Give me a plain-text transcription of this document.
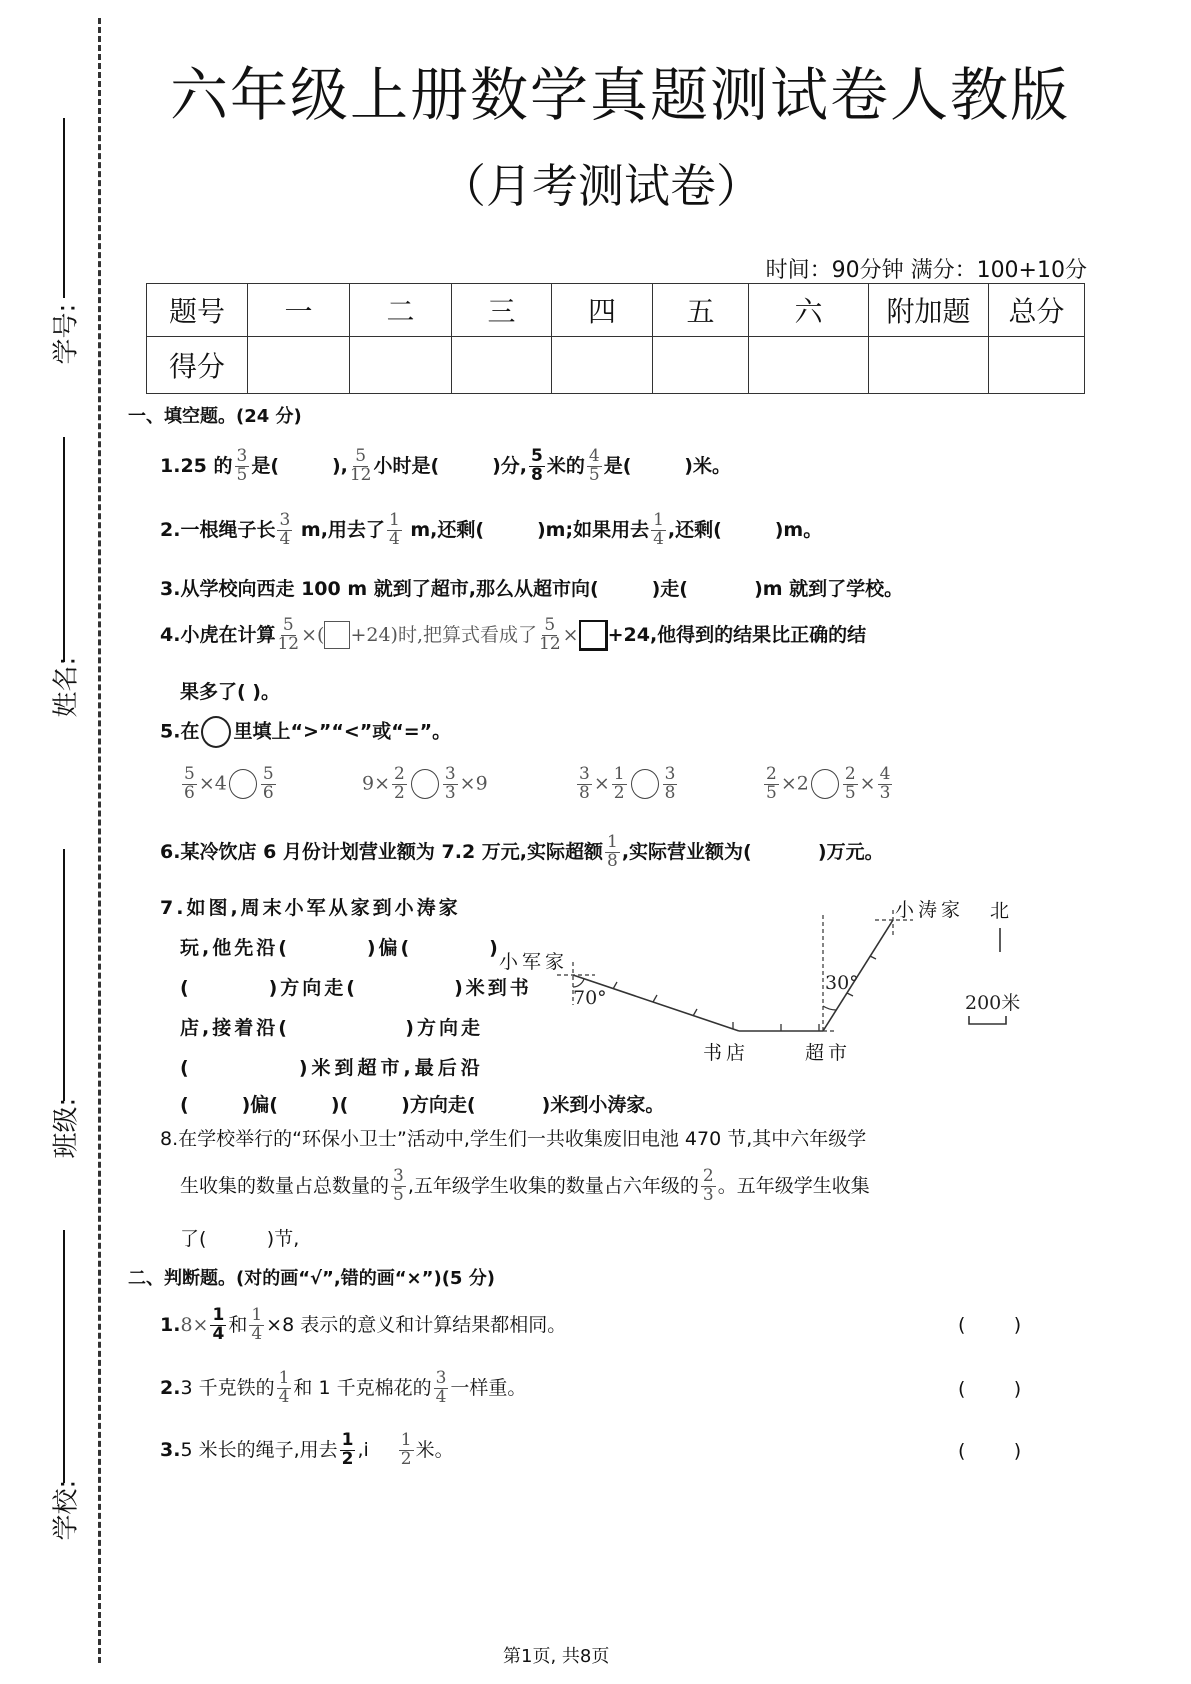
学号:
姓名:
班级:
学校:
六年级上册数学真题测试卷人教版
（月考测试卷）
时间：90分钟 满分：100+10分
题号	一	二	三	四	五	六	附加题	总分
得分								
一、填空题。(24 分)
1.25 的 $\frac{3}{5}$ 是(        ), $\frac{5}{12}$ 小时是(        )分, $\frac{5}{8}$ 米的 $\frac{4}{5}$ 是(        )米。
2.一根绳子长 $\frac{3}{4} m$,用去了 $\frac{1}{4} m$,还剩(        )m;如果用去 $\frac{1}{4}$ ,还剩(        )m。
3.从学校向西走 100 m 就到了超市,那么从超市向(        )走(          )m 就到了学校。
4.小虎在计算 $\frac{5}{12}$ ×( +24)时,把算式看成了 $\frac{5}{12} \times +24$,他得到的结果比正确的结
果多了( )。
5.在 里填上“>”“<”或“=”。
$\frac{5}{6} \times 4 \frac{5}{6}$	$9\times \frac{2}{2} \frac{3}{3} \times 9$	$\frac{3}{8} \times \frac{1}{2} \frac{3}{8}$	$\frac{2}{5} \times 2 \frac{2}{5} \times \frac{4}{3}$
6.某冷饮店 6 月份计划营业额为 7.2 万元,实际超额 $\frac{1}{8}$ ,实际营业额为(          )万元。
7.如图,周末小军从家到小涛家
玩,他先沿(        )偏(        )
(        )方向走(          )米到书
店,接着沿(            )方向走
(          )米到超市,最后沿
(        )偏(        )(        )方向走(          )米到小涛家。
小军家
70°
书店	超市
30°
小涛家 北
200米
8.在学校举行的“环保小卫士”活动中,学生们一共收集废旧电池 470 节,其中六年级学
生收集的数量占总数量的 $\frac{3}{5}$ ,五年级学生收集的数量占六年级的 $\frac{2}{3}$ 。五年级学生收集
了(          )节,
二、判断题。(对的画“√”,错的画“×”)(5 分)
$1.8\times \frac{1}{4}$ 和 $\frac{1}{4} \times 8$ 表示的意义和计算结果都相同。	(        )
2.3 千克铁的 $\frac{1}{4}$ 和 1 千克棉花的 $\frac{3}{4}$ 一样重。	(        )
3.5 米长的绳子,用去 $\frac{1}{2} ,i \frac{1}{2}$ 米。	(        )
第1页, 共8页
